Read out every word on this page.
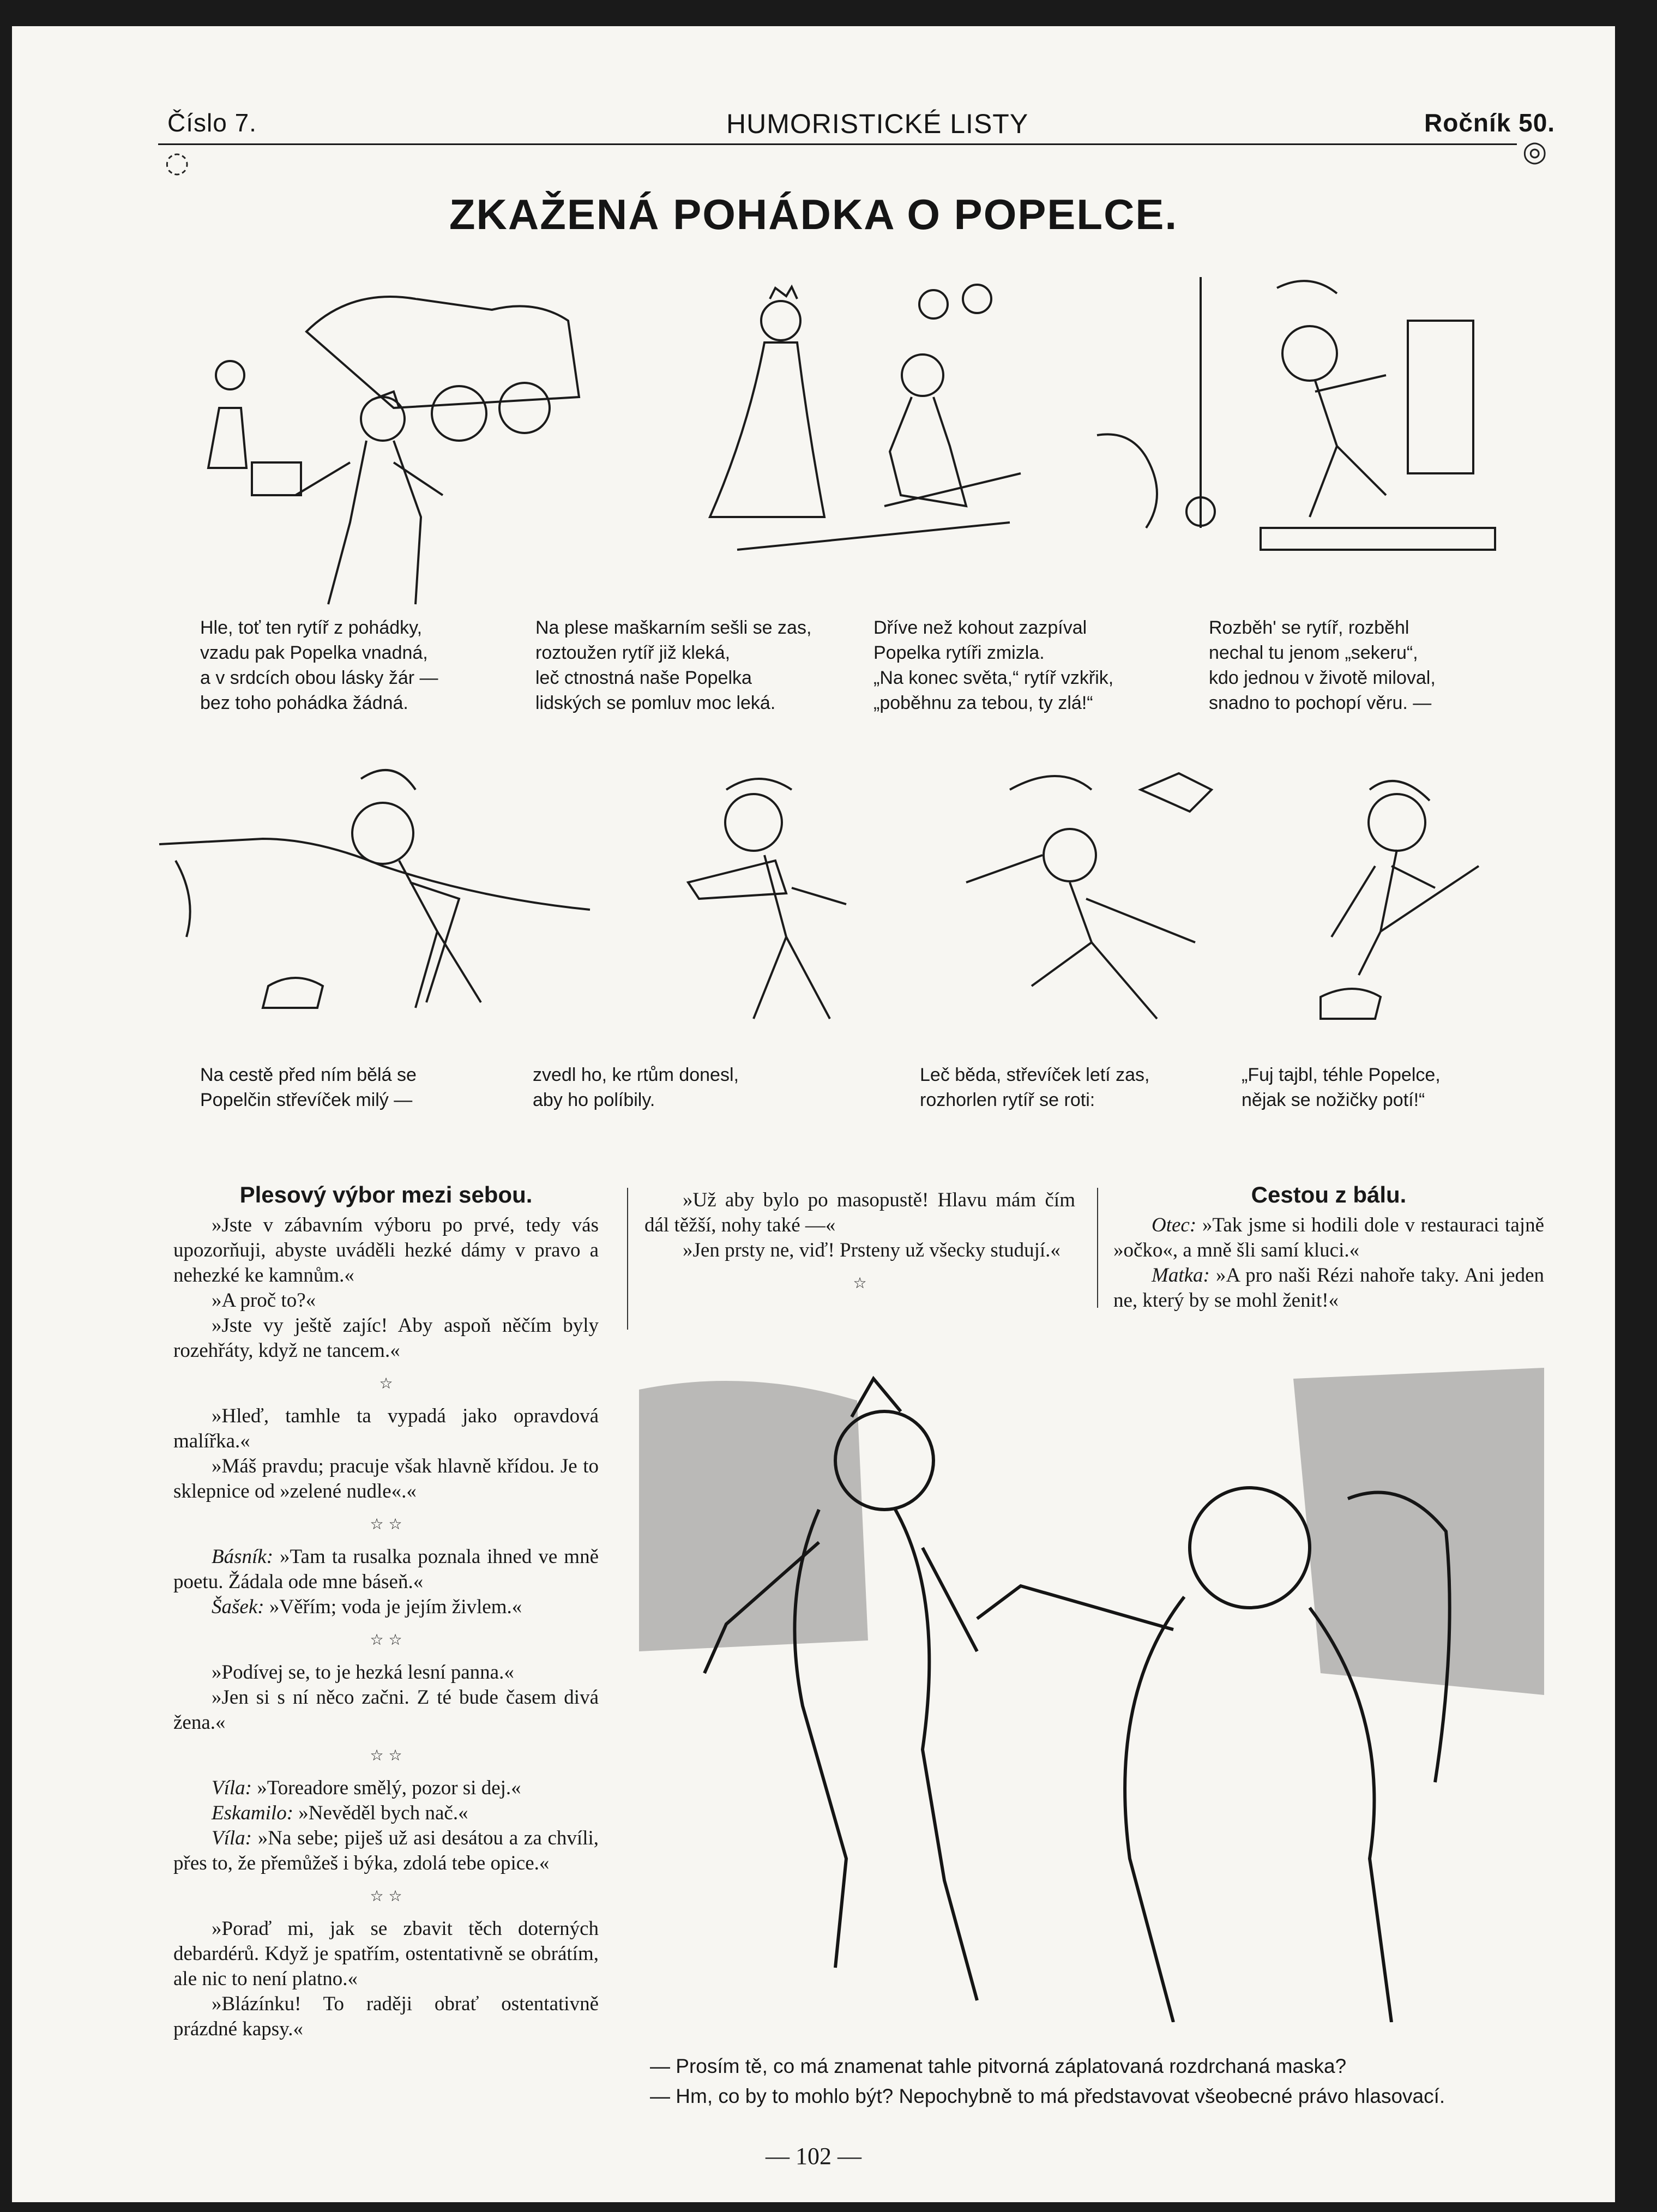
◌	◎
Číslo 7.	HUMORISTICKÉ LISTY	Ročník 50.
ZKAŽENÁ POHÁDKA O POPELCE.
Hle, toť ten rytíř z pohádky,
vzadu pak Popelka vnadná,
a v srdcích obou lásky žár —
bez toho pohádka žádná.
Na plese maškarním sešli se zas,
roztoužen rytíř již kleká,
leč ctnostná naše Popelka
lidských se pomluv moc leká.
Dříve než kohout zazpíval
Popelka rytíři zmizla.
„Na konec světa,“ rytíř vzkřik,
„poběhnu za tebou, ty zlá!“
Rozběh' se rytíř, rozběhl
nechal tu jenom „sekeru“,
kdo jednou v životě miloval,
snadno to pochopí věru. —
Na cestě před ním bělá se
Popelčin střevíček milý —
zvedl ho, ke rtům donesl,
aby ho políbily.
Leč běda, střevíček letí zas,
rozhorlen rytíř se roti:
„Fuj tajbl, téhle Popelce,
nějak se nožičky potí!“
Plesový výbor mezi sebou.

»Jste v zábavním výboru po prvé, tedy vás upozorňuji, abyste uváděli hezké dámy v pravo a nehezké ke kamnům.«

»A proč to?«

»Jste vy ještě zajíc! Aby aspoň něčím byly rozehřáty, když ne tancem.«

☆

»Hleď, tamhle ta vypadá jako opravdová malířka.«

»Máš pravdu; pracuje však hlavně křídou. Je to sklepnice od »zelené nudle«.«

☆ ☆

Básník: »Tam ta rusalka poznala ihned ve mně poetu. Žádala ode mne báseň.«

Šašek: »Věřím; voda je jejím živlem.«

☆ ☆

»Podívej se, to je hezká lesní panna.«

»Jen si s ní něco začni. Z té bude časem divá žena.«

☆ ☆

Víla: »Toreadore smělý, pozor si dej.«

Eskamilo: »Nevěděl bych nač.«

Víla: »Na sebe; piješ už asi desátou a za chvíli, přes to, že přemůžeš i býka, zdolá tebe opice.«

☆ ☆

»Poraď mi, jak se zbavit těch doterných debardérů. Když je spatřím, ostentativně se obrátím, ale nic to není platno.«

»Blázínku! To raději obrať ostentativně prázdné kapsy.«

»Už aby bylo po masopustě! Hlavu mám čím dál těžší, nohy také —«

»Jen prsty ne, viď! Prsteny už všecky studují.«

☆
Cestou z bálu.

Otec: »Tak jsme si hodili dole v restauraci tajně »očko«, a mně šli samí kluci.«

Matka: »A pro naši Rézi nahoře taky. Ani jeden ne, který by se mohl ženit!«

— Prosím tě, co má znamenat tahle pitvorná záplatovaná rozdrchaná maska?
— Hm, co by to mohlo být? Nepochybně to má představovat všeobecné právo hlasovací.
— 102 —
